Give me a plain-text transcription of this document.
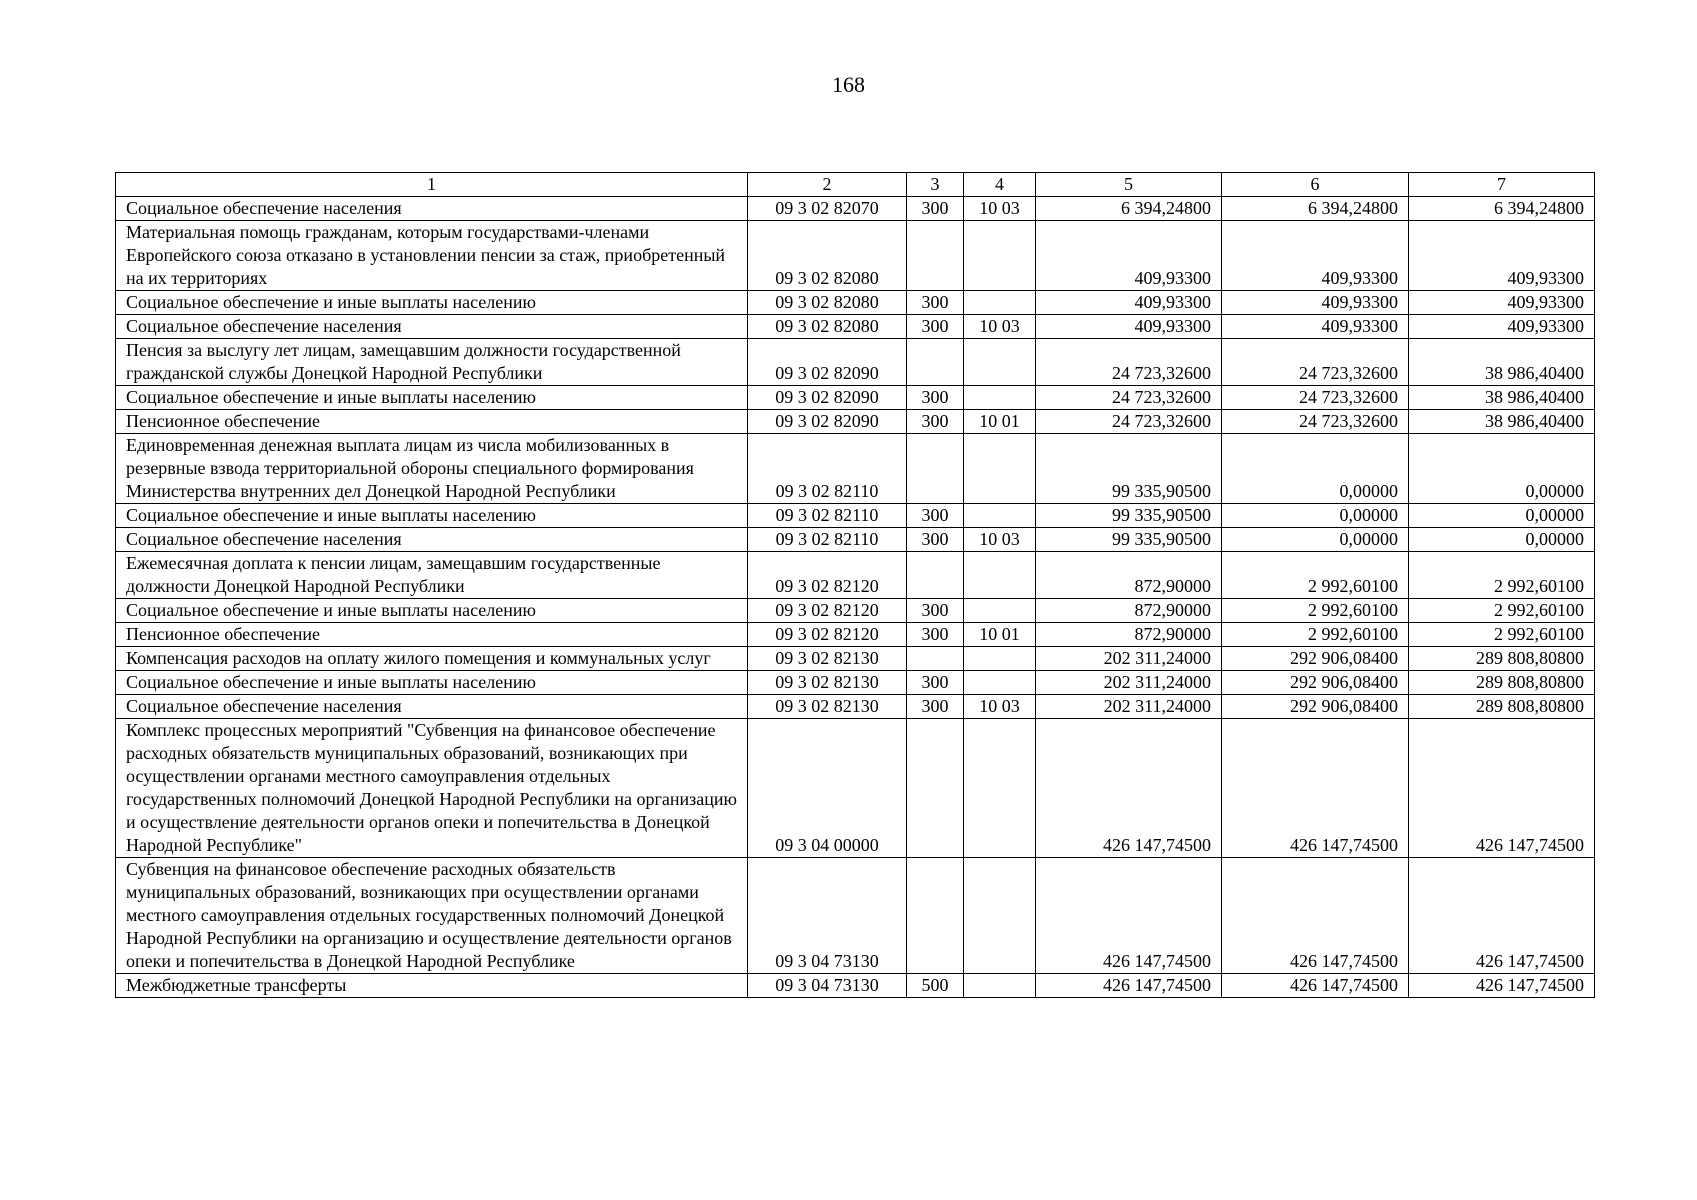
168
1	2	3	4	5	6	7
Социальное обеспечение населения	09 3 02 82070	300	10 03	6 394,24800	6 394,24800	6 394,24800
Материальная помощь гражданам, которым государствами-членами Европейского союза отказано в установлении пенсии за стаж, приобретенный на их территориях	09 3 02 82080			409,93300	409,93300	409,93300
Социальное обеспечение и иные выплаты населению	09 3 02 82080	300		409,93300	409,93300	409,93300
Социальное обеспечение населения	09 3 02 82080	300	10 03	409,93300	409,93300	409,93300
Пенсия за выслугу лет лицам, замещавшим должности государственной гражданской службы Донецкой Народной Республики	09 3 02 82090			24 723,32600	24 723,32600	38 986,40400
Социальное обеспечение и иные выплаты населению	09 3 02 82090	300		24 723,32600	24 723,32600	38 986,40400
Пенсионное обеспечение	09 3 02 82090	300	10 01	24 723,32600	24 723,32600	38 986,40400
Единовременная денежная выплата лицам из числа мобилизованных в резервные взвода территориальной обороны специального формирования Министерства внутренних дел Донецкой Народной Республики	09 3 02 82110			99 335,90500	0,00000	0,00000
Социальное обеспечение и иные выплаты населению	09 3 02 82110	300		99 335,90500	0,00000	0,00000
Социальное обеспечение населения	09 3 02 82110	300	10 03	99 335,90500	0,00000	0,00000
Ежемесячная доплата к пенсии лицам, замещавшим государственные должности Донецкой Народной Республики	09 3 02 82120			872,90000	2 992,60100	2 992,60100
Социальное обеспечение и иные выплаты населению	09 3 02 82120	300		872,90000	2 992,60100	2 992,60100
Пенсионное обеспечение	09 3 02 82120	300	10 01	872,90000	2 992,60100	2 992,60100
Компенсация расходов на оплату жилого помещения и коммунальных услуг	09 3 02 82130			202 311,24000	292 906,08400	289 808,80800
Социальное обеспечение и иные выплаты населению	09 3 02 82130	300		202 311,24000	292 906,08400	289 808,80800
Социальное обеспечение населения	09 3 02 82130	300	10 03	202 311,24000	292 906,08400	289 808,80800
Комплекс процессных мероприятий "Субвенция на финансовое обеспечение расходных обязательств муниципальных образований, возникающих при осуществлении органами местного самоуправления отдельных государственных полномочий Донецкой Народной Республики на организацию и осуществление деятельности органов опеки и попечительства в Донецкой Народной Республике"	09 3 04 00000			426 147,74500	426 147,74500	426 147,74500
Субвенция на финансовое обеспечение расходных обязательств муниципальных образований, возникающих при осуществлении органами местного самоуправления отдельных государственных полномочий Донецкой Народной Республики на организацию и осуществление деятельности органов опеки и попечительства в Донецкой Народной Республике	09 3 04 73130			426 147,74500	426 147,74500	426 147,74500
Межбюджетные трансферты	09 3 04 73130	500		426 147,74500	426 147,74500	426 147,74500
